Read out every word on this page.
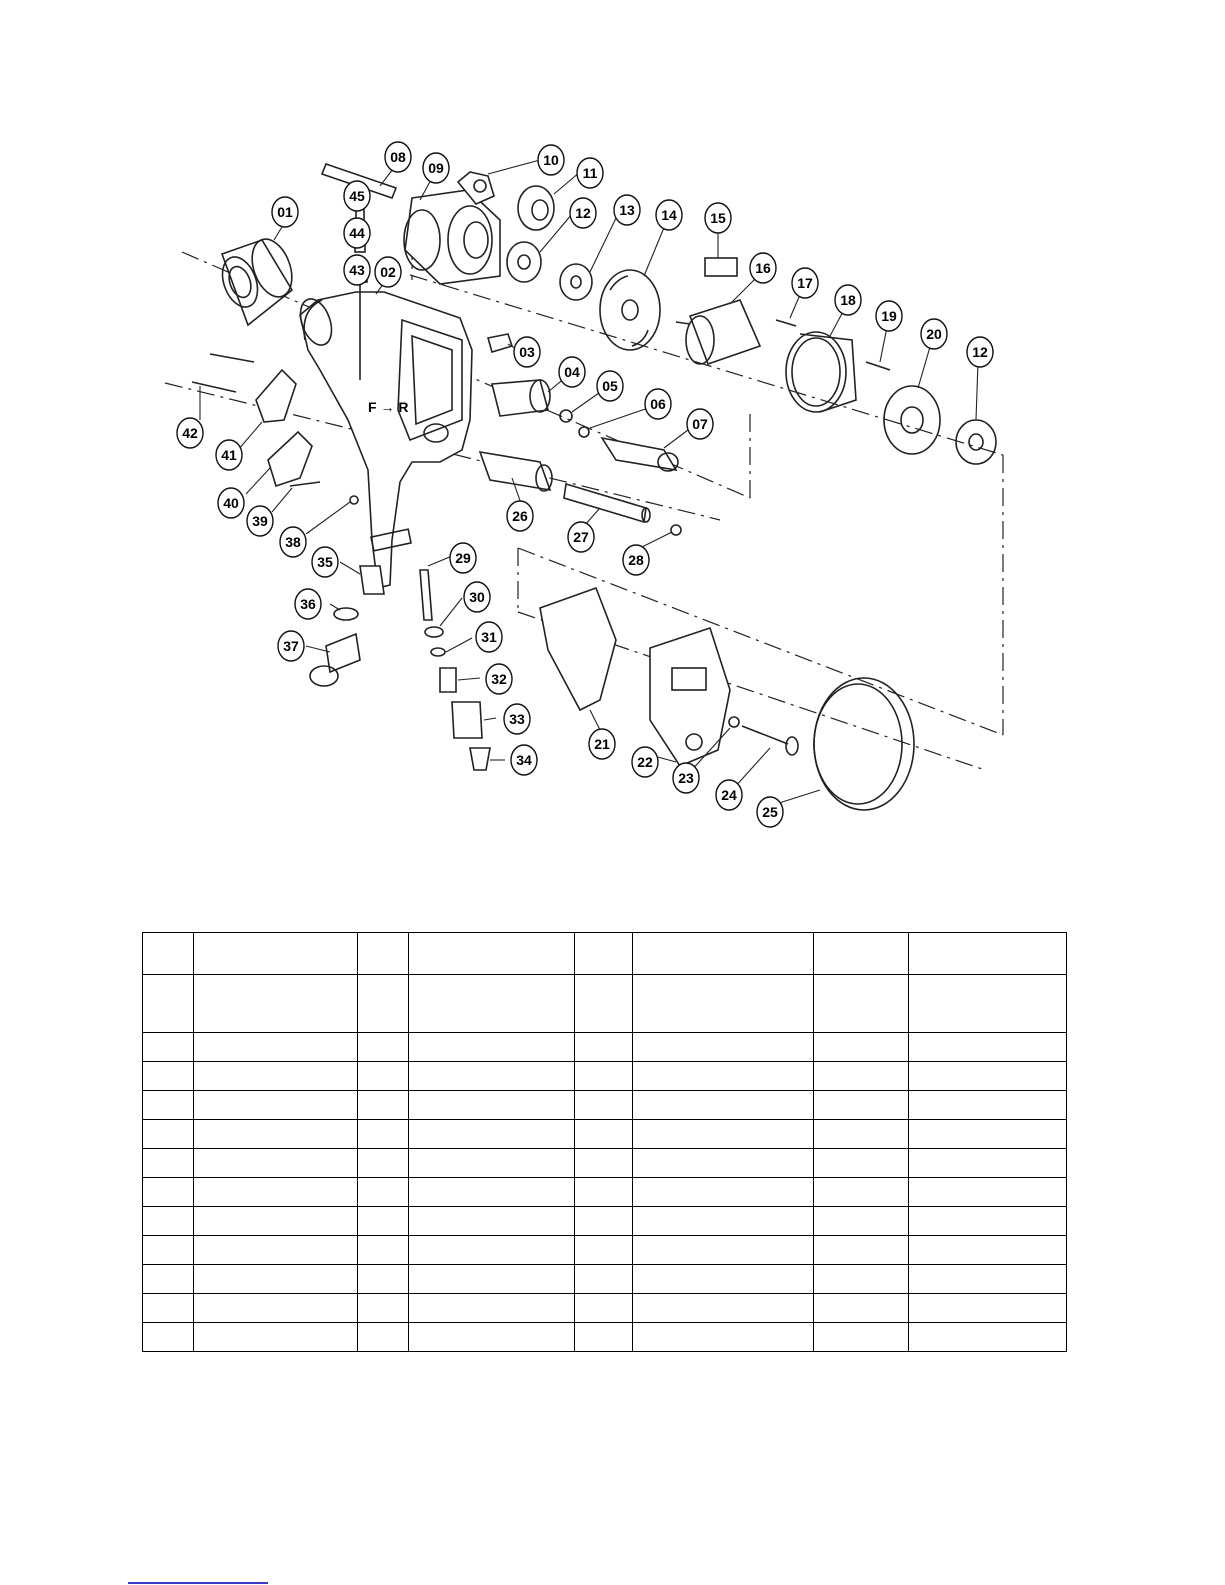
F → R
01
02
03
04
05
06
07
08
09	10
11
12 13 14 15
16
17
18
19
20
12
21
22
23
24
25
26
27
28
29
30
31
32
33
34
35
36
37
38
39
40
41
42
43
44
45
